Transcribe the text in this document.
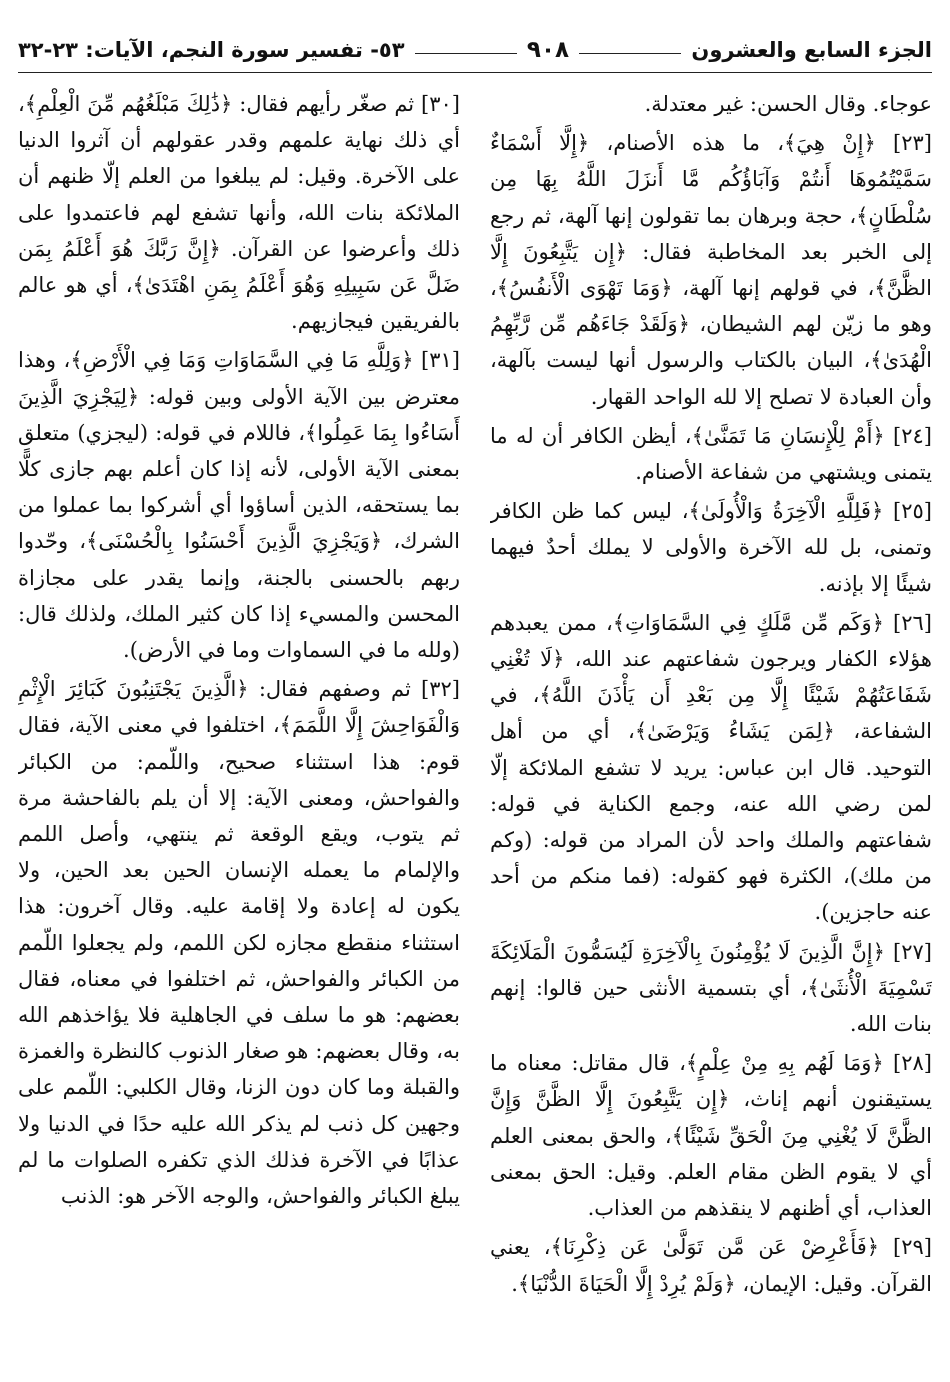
الجزء السابع والعشرون
٩٠٨
٥٣- تفسير سورة النجم، الآيات: ٢٣-٣٢

عوجاء. وقال الحسن: غير معتدلة.

[٢٣] ﴿إِنْ هِيَ﴾، ما هذه الأصنام، ﴿إِلَّا أَسْمَاءٌ سَمَّيْتُمُوهَا أَنتُمْ وَآبَاؤُكُم مَّا أَنزَلَ اللَّهُ بِهَا مِن سُلْطَانٍ﴾، حجة وبرهان بما تقولون إنها آلهة، ثم رجع إلى الخبر بعد المخاطبة فقال: ﴿إِن يَتَّبِعُونَ إِلَّا الظَّنَّ﴾، في قولهم إنها آلهة، ﴿وَمَا تَهْوَى الْأَنفُسُ﴾، وهو ما زيّن لهم الشيطان، ﴿وَلَقَدْ جَاءَهُم مِّن رَّبِّهِمُ الْهُدَىٰ﴾، البيان بالكتاب والرسول أنها ليست بآلهة، وأن العبادة لا تصلح إلا لله الواحد القهار.

[٢٤] ﴿أَمْ لِلْإِنسَانِ مَا تَمَنَّىٰ﴾، أيظن الكافر أن له ما يتمنى ويشتهي من شفاعة الأصنام.

[٢٥] ﴿فَلِلَّهِ الْآخِرَةُ وَالْأُولَىٰ﴾، ليس كما ظن الكافر وتمنى، بل لله الآخرة والأولى لا يملك أحدٌ فيهما شيئًا إلا بإذنه.

[٢٦] ﴿وَكَم مِّن مَّلَكٍ فِي السَّمَاوَاتِ﴾، ممن يعبدهم هؤلاء الكفار ويرجون شفاعتهم عند الله، ﴿لَا تُغْنِي شَفَاعَتُهُمْ شَيْئًا إِلَّا مِن بَعْدِ أَن يَأْذَنَ اللَّهُ﴾، في الشفاعة، ﴿لِمَن يَشَاءُ وَيَرْضَىٰ﴾، أي من أهل التوحيد. قال ابن عباس: يريد لا تشفع الملائكة إلّا لمن رضي الله عنه، وجمع الكناية في قوله: شفاعتهم والملك واحد لأن المراد من قوله: (وكم من ملك)، الكثرة فهو كقوله: (فما منكم من أحد عنه حاجزين).

[٢٧] ﴿إِنَّ الَّذِينَ لَا يُؤْمِنُونَ بِالْآخِرَةِ لَيُسَمُّونَ الْمَلَائِكَةَ تَسْمِيَةَ الْأُنثَىٰ﴾، أي بتسمية الأنثى حين قالوا: إنهم بنات الله.

[٢٨] ﴿وَمَا لَهُم بِهِ مِنْ عِلْمٍ﴾، قال مقاتل: معناه ما يستيقنون أنهم إناث، ﴿إِن يَتَّبِعُونَ إِلَّا الظَّنَّ وَإِنَّ الظَّنَّ لَا يُغْنِي مِنَ الْحَقِّ شَيْئًا﴾، والحق بمعنى العلم أي لا يقوم الظن مقام العلم. وقيل: الحق بمعنى العذاب، أي أظنهم لا ينقذهم من العذاب.

[٢٩] ﴿فَأَعْرِضْ عَن مَّن تَوَلَّىٰ عَن ذِكْرِنَا﴾، يعني القرآن. وقيل: الإيمان، ﴿وَلَمْ يُرِدْ إِلَّا الْحَيَاةَ الدُّنْيَا﴾.

[٣٠] ثم صغّر رأيهم فقال: ﴿ذَٰلِكَ مَبْلَغُهُم مِّنَ الْعِلْمِ﴾، أي ذلك نهاية علمهم وقدر عقولهم أن آثروا الدنيا على الآخرة. وقيل: لم يبلغوا من العلم إلّا ظنهم أن الملائكة بنات الله، وأنها تشفع لهم فاعتمدوا على ذلك وأعرضوا عن القرآن. ﴿إِنَّ رَبَّكَ هُوَ أَعْلَمُ بِمَن ضَلَّ عَن سَبِيلِهِ وَهُوَ أَعْلَمُ بِمَنِ اهْتَدَىٰ﴾، أي هو عالم بالفريقين فيجازيهم.

[٣١] ﴿وَلِلَّهِ مَا فِي السَّمَاوَاتِ وَمَا فِي الْأَرْضِ﴾، وهذا معترض بين الآية الأولى وبين قوله: ﴿لِيَجْزِيَ الَّذِينَ أَسَاءُوا بِمَا عَمِلُوا﴾، فاللام في قوله: (ليجزي) متعلق بمعنى الآية الأولى، لأنه إذا كان أعلم بهم جازى كلًّا بما يستحقه، الذين أساؤوا أي أشركوا بما عملوا من الشرك، ﴿وَيَجْزِيَ الَّذِينَ أَحْسَنُوا بِالْحُسْنَى﴾، وحّدوا ربهم بالحسنى بالجنة، وإنما يقدر على مجازاة المحسن والمسيء إذا كان كثير الملك، ولذلك قال: (ولله ما في السماوات وما في الأرض).

[٣٢] ثم وصفهم فقال: ﴿الَّذِينَ يَجْتَنِبُونَ كَبَائِرَ الْإِثْمِ وَالْفَوَاحِشَ إِلَّا اللَّمَمَ﴾، اختلفوا في معنى الآية، فقال قوم: هذا استثناء صحيح، واللّمم: من الكبائر والفواحش، ومعنى الآية: إلا أن يلم بالفاحشة مرة ثم يتوب، ويقع الوقعة ثم ينتهي، وأصل اللمم والإلمام ما يعمله الإنسان الحين بعد الحين، ولا يكون له إعادة ولا إقامة عليه. وقال آخرون: هذا استثناء منقطع مجازه لكن اللمم، ولم يجعلوا اللّمم من الكبائر والفواحش، ثم اختلفوا في معناه، فقال بعضهم: هو ما سلف في الجاهلية فلا يؤاخذهم الله به، وقال بعضهم: هو صغار الذنوب كالنظرة والغمزة والقبلة وما كان دون الزنا، وقال الكلبي: اللّمم على وجهين كل ذنب لم يذكر الله عليه حدًا في الدنيا ولا عذابًا في الآخرة فذلك الذي تكفره الصلوات ما لم يبلغ الكبائر والفواحش، والوجه الآخر هو: الذنب
